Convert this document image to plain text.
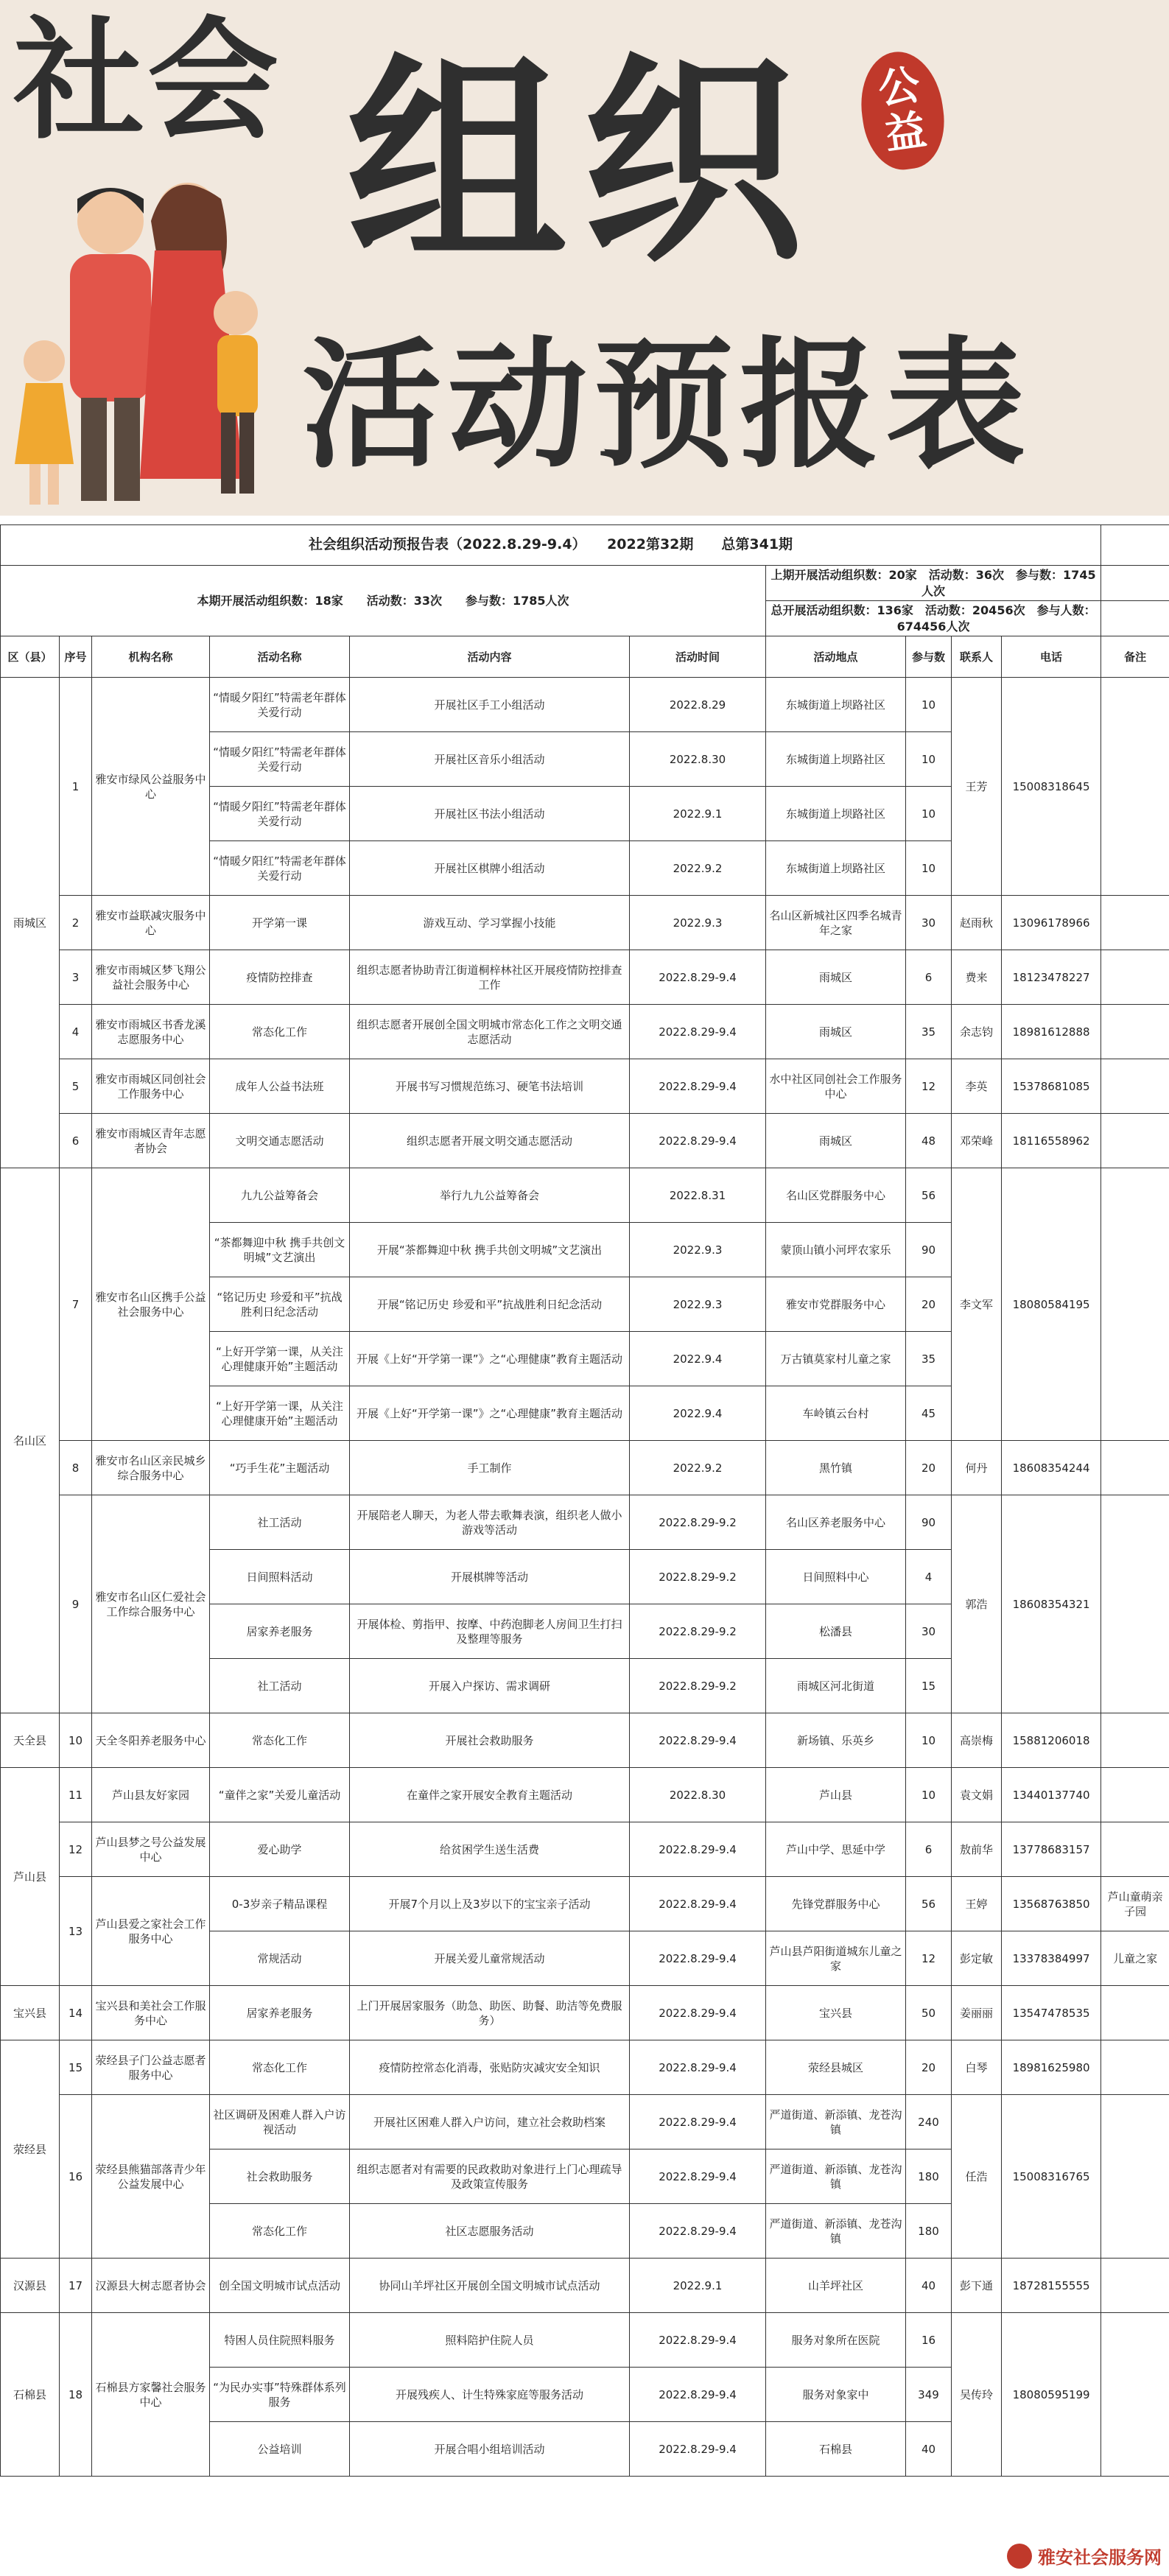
社会 组织 公
益
活动预报表
社会组织活动预报告表（2022.8.29-9.4）　　2022第32期　　总第341期										
本期开展活动组织数：18家　　活动数：33次　　参与数：1785人次						上期开展活动组织数：20家　活动数：36次　参与数：1745人次				
						总开展活动组织数：136家　活动数：20456次　参与人数：674456人次				
区（县）	序号	机构名称	活动名称	活动内容	活动时间	活动地点	参与数	联系人	电话	备注
雨城区	1	雅安市绿风公益服务中心	“情暖夕阳红”特需老年群体关爱行动	开展社区手工小组活动	2022.8.29	东城街道上坝路社区	10	王芳	15008318645	
			“情暖夕阳红”特需老年群体关爱行动	开展社区音乐小组活动	2022.8.30	东城街道上坝路社区	10			
			“情暖夕阳红”特需老年群体关爱行动	开展社区书法小组活动	2022.9.1	东城街道上坝路社区	10			
			“情暖夕阳红”特需老年群体关爱行动	开展社区棋牌小组活动	2022.9.2	东城街道上坝路社区	10			
	2	雅安市益联减灾服务中心	开学第一课	游戏互动、学习掌握小技能	2022.9.3	名山区新城社区四季名城青年之家	30	赵雨秋	13096178966	
	3	雅安市雨城区梦飞翔公益社会服务中心	疫情防控排查	组织志愿者协助青江街道桐梓林社区开展疫情防控排查工作	2022.8.29-9.4	雨城区	6	费来	18123478227	
	4	雅安市雨城区书香龙溪志愿服务中心	常态化工作	组织志愿者开展创全国文明城市常态化工作之文明交通志愿活动	2022.8.29-9.4	雨城区	35	余志钧	18981612888	
	5	雅安市雨城区同创社会工作服务中心	成年人公益书法班	开展书写习惯规范练习、硬笔书法培训	2022.8.29-9.4	水中社区同创社会工作服务中心	12	李英	15378681085	
	6	雅安市雨城区青年志愿者协会	文明交通志愿活动	组织志愿者开展文明交通志愿活动	2022.8.29-9.4	雨城区	48	邓荣峰	18116558962	
名山区	7	雅安市名山区携手公益社会服务中心	九九公益筹备会	举行九九公益筹备会	2022.8.31	名山区党群服务中心	56	李文军	18080584195	
			“茶都舞迎中秋 携手共创文明城”文艺演出	开展“茶都舞迎中秋 携手共创文明城”文艺演出	2022.9.3	蒙顶山镇小河坪农家乐	90			
			“铭记历史 珍爱和平”抗战胜利日纪念活动	开展“铭记历史 珍爱和平”抗战胜利日纪念活动	2022.9.3	雅安市党群服务中心	20			
			“上好开学第一课，从关注心理健康开始”主题活动	开展《上好“开学第一课”》之“心理健康”教育主题活动	2022.9.4	万古镇莫家村儿童之家	35			
			“上好开学第一课，从关注心理健康开始”主题活动	开展《上好“开学第一课”》之“心理健康”教育主题活动	2022.9.4	车岭镇云台村	45			
	8	雅安市名山区亲民城乡综合服务中心	“巧手生花”主题活动	手工制作	2022.9.2	黑竹镇	20	何丹	18608354244	
	9	雅安市名山区仁爱社会工作综合服务中心	社工活动	开展陪老人聊天，为老人带去歌舞表演，组织老人做小游戏等活动	2022.8.29-9.2	名山区养老服务中心	90	郭浩	18608354321	
			日间照料活动	开展棋牌等活动	2022.8.29-9.2	日间照料中心	4			
			居家养老服务	开展体检、剪指甲、按摩、中药泡脚老人房间卫生打扫及整理等服务	2022.8.29-9.2	松潘县	30			
			社工活动	开展入户探访、需求调研	2022.8.29-9.2	雨城区河北街道	15			
天全县	10	天全冬阳养老服务中心	常态化工作	开展社会救助服务	2022.8.29-9.4	新场镇、乐英乡	10	高崇梅	15881206018	
芦山县	11	芦山县友好家园	“童伴之家”关爱儿童活动	在童伴之家开展安全教育主题活动	2022.8.30	芦山县	10	袁文娟	13440137740	
	12	芦山县梦之号公益发展中心	爱心助学	给贫困学生送生活费	2022.8.29-9.4	芦山中学、思延中学	6	敖前华	13778683157	
	13	芦山县爱之家社会工作服务中心	0-3岁亲子精品课程	开展7个月以上及3岁以下的宝宝亲子活动	2022.8.29-9.4	先锋党群服务中心	56	王婷	13568763850	芦山童萌亲子园
			常规活动	开展关爱儿童常规活动	2022.8.29-9.4	芦山县芦阳街道城东儿童之家	12	彭定敏	13378384997	儿童之家
宝兴县	14	宝兴县和美社会工作服务中心	居家养老服务	上门开展居家服务（助急、助医、助餐、助洁等免费服务）	2022.8.29-9.4	宝兴县	50	姜丽丽	13547478535	
荥经县	15	荥经县子门公益志愿者服务中心	常态化工作	疫情防控常态化消毒，张贴防灾减灾安全知识	2022.8.29-9.4	荥经县城区	20	白琴	18981625980	
	16	荥经县熊猫部落青少年公益发展中心	社区调研及困难人群入户访视活动	开展社区困难人群入户访问，建立社会救助档案	2022.8.29-9.4	严道街道、新添镇、龙苍沟镇	240	任浩	15008316765	
			社会救助服务	组织志愿者对有需要的民政救助对象进行上门心理疏导及政策宣传服务	2022.8.29-9.4	严道街道、新添镇、龙苍沟镇	180			
			常态化工作	社区志愿服务活动	2022.8.29-9.4	严道街道、新添镇、龙苍沟镇	180			
汉源县	17	汉源县大树志愿者协会	创全国文明城市试点活动	协同山羊坪社区开展创全国文明城市试点活动	2022.9.1	山羊坪社区	40	彭下通	18728155555	
石棉县	18	石棉县方家馨社会服务中心	特困人员住院照料服务	照料陪护住院人员	2022.8.29-9.4	服务对象所在医院	16	吴传玲	18080595199	
			“为民办实事”特殊群体系列服务	开展残疾人、计生特殊家庭等服务活动	2022.8.29-9.4	服务对象家中	349			
			公益培训	开展合唱小组培训活动	2022.8.29-9.4	石棉县	40			
雅安社会服务网
